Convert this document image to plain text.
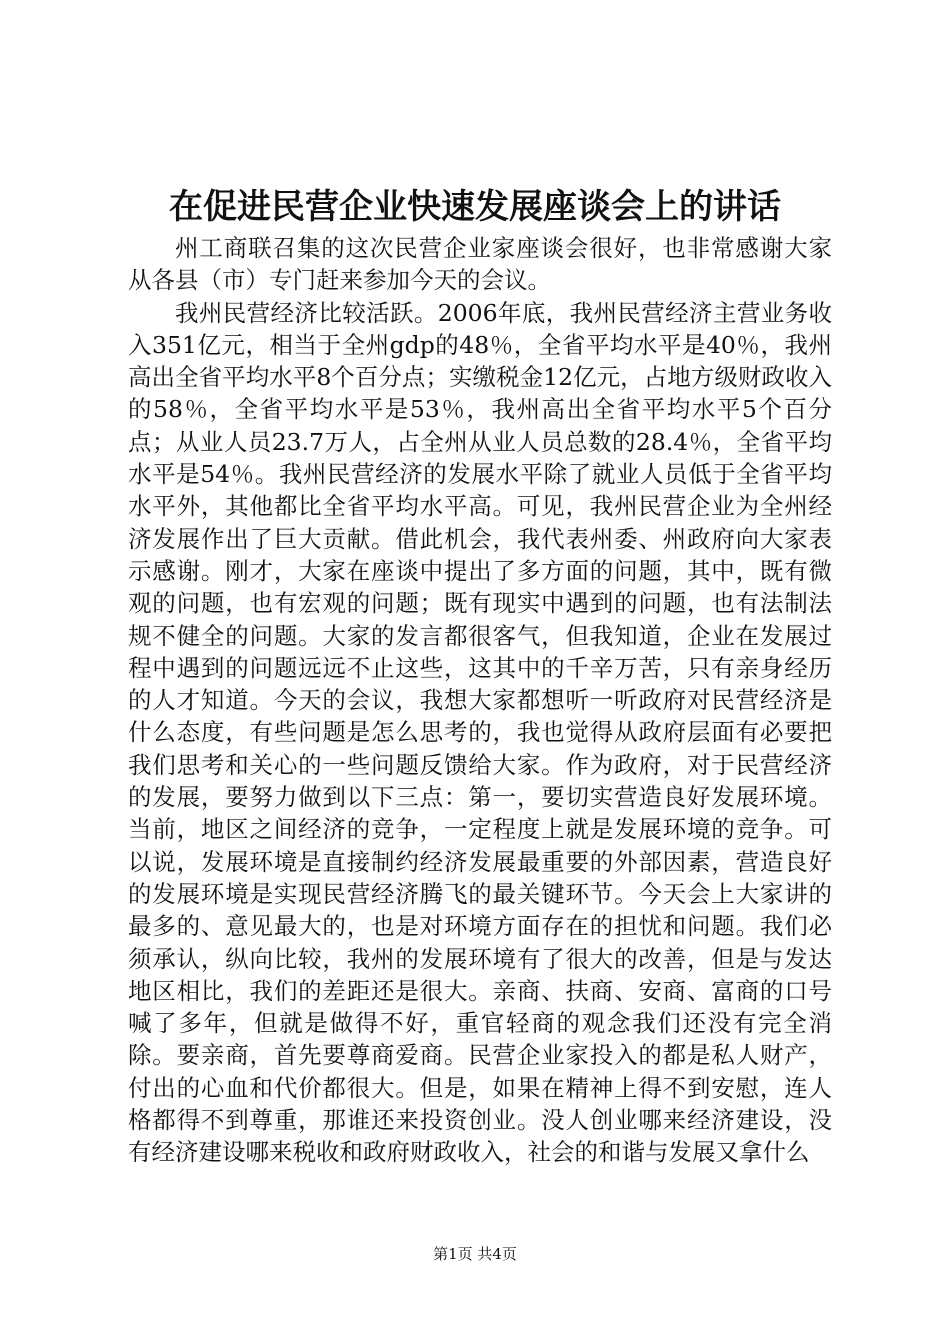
在促进民营企业快速发展座谈会上的讲话

州工商联召集的这次民营企业家座谈会很好，也非常感谢大家从各县（市）专门赶来参加今天的会议。

我州民营经济比较活跃。2006年底，我州民营经济主营业务收入351亿元，相当于全州gdp的48％，全省平均水平是40％，我州高出全省平均水平8个百分点；实缴税金12亿元，占地方级财政收入的58％，全省平均水平是53％，我州高出全省平均水平5个百分点；从业人员23.7万人，占全州从业人员总数的28.4％，全省平均水平是54％。我州民营经济的发展水平除了就业人员低于全省平均水平外，其他都比全省平均水平高。可见，我州民营企业为全州经济发展作出了巨大贡献。借此机会，我代表州委、州政府向大家表示感谢。刚才，大家在座谈中提出了多方面的问题，其中，既有微观的问题，也有宏观的问题；既有现实中遇到的问题，也有法制法规不健全的问题。大家的发言都很客气，但我知道，企业在发展过程中遇到的问题远远不止这些，这其中的千辛万苦，只有亲身经历的人才知道。今天的会议，我想大家都想听一听政府对民营经济是什么态度，有些问题是怎么思考的，我也觉得从政府层面有必要把我们思考和关心的一些问题反馈给大家。作为政府，对于民营经济的发展，要努力做到以下三点：第一，要切实营造良好发展环境。当前，地区之间经济的竞争，一定程度上就是发展环境的竞争。可以说，发展环境是直接制约经济发展最重要的外部因素，营造良好的发展环境是实现民营经济腾飞的最关键环节。今天会上大家讲的最多的、意见最大的，也是对环境方面存在的担忧和问题。我们必须承认，纵向比较，我州的发展环境有了很大的改善，但是与发达地区相比，我们的差距还是很大。亲商、扶商、安商、富商的口号喊了多年，但就是做得不好，重官轻商的观念我们还没有完全消除。要亲商，首先要尊商爱商。民营企业家投入的都是私人财产，付出的心血和代价都很大。但是，如果在精神上得不到安慰，连人格都得不到尊重，那谁还来投资创业。没人创业哪来经济建设，没有经济建设哪来税收和政府财政收入，社会的和谐与发展又拿什么

第1页 共4页
